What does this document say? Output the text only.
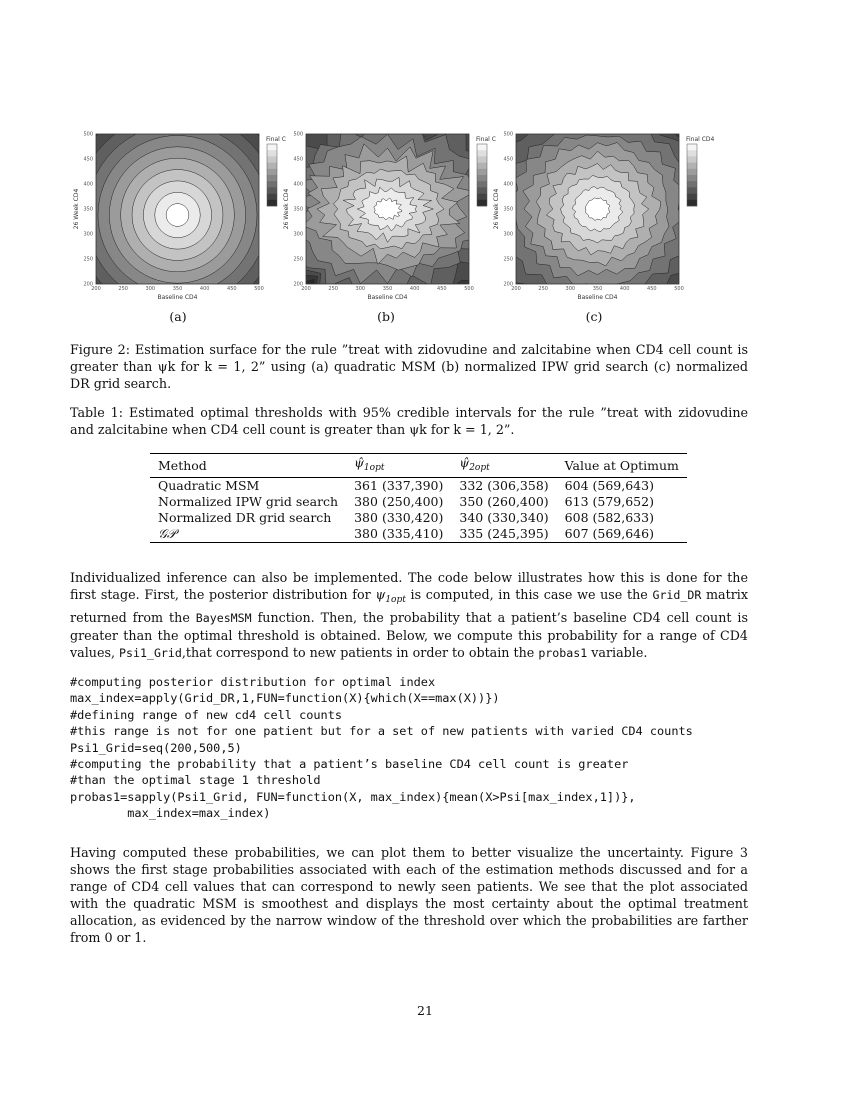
200	250	300	350	400	450	500
500
450
400
350
300
250
200
Baseline CD4
26 Week CD4
Final C
(a)
200	250	300	350	400	450	500
500
450
400
350
300
250
200
Baseline CD4
26 Week CD4
Final C
(b)
200	250	300	350	400	450	500
500
450
400
350
300
250
200
Baseline CD4
26 Week CD4
Final CD4
(c)
Figure 2: Estimation surface for the rule ”treat with zidovudine and zalcitabine when CD4 cell count is greater than ψk for k = 1, 2” using (a) quadratic MSM (b) normalized IPW grid search (c) normalized DR grid search.
Table 1: Estimated optimal thresholds with 95% credible intervals for the rule ”treat with zidovudine and zalcitabine when CD4 cell count is greater than ψk for k = 1, 2”.
Method	$\psî_{1opt}$	$\psî_{2opt}$	Value at Optimum
Quadratic MSM	361 (337,390)	332 (306,358)	604 (569,643)
Normalized IPW grid search	380 (250,400)	350 (260,400)	613 (579,652)
Normalized DR grid search	380 (330,420)	340 (330,340)	608 (582,633)
𝒢𝒫	380 (335,410)	335 (245,395)	607 (569,646)
Individualized inference can also be implemented. The code below illustrates how this is done for the first stage. First, the posterior distribution for $\psi_{1opt}$ is computed, in this case we use the Grid_DR matrix returned from the BayesMSM function. Then, the probability that a patient’s baseline CD4 cell count is greater than the optimal threshold is obtained. Below, we compute this probability for a range of CD4 values, Psi1_Grid,that correspond to new patients in order to obtain the probas1 variable.
#computing posterior distribution for optimal index
max_index=apply(Grid_DR,1,FUN=function(X){which(X==max(X))})
#defining range of new cd4 cell counts
#this range is not for one patient but for a set of new patients with varied CD4 counts
Psi1_Grid=seq(200,500,5)
#computing the probability that a patient’s baseline CD4 cell count is greater
#than the optimal stage 1 threshold
probas1=sapply(Psi1_Grid, FUN=function(X, max_index){mean(X>Psi[max_index,1])},
max_index=max_index)
Having computed these probabilities, we can plot them to better visualize the uncertainty. Figure 3 shows the first stage probabilities associated with each of the estimation methods discussed and for a range of CD4 cell values that can correspond to newly seen patients. We see that the plot associated with the quadratic MSM is smoothest and displays the most certainty about the optimal treatment allocation, as evidenced by the narrow window of the threshold over which the probabilities are farther from 0 or 1.
21
